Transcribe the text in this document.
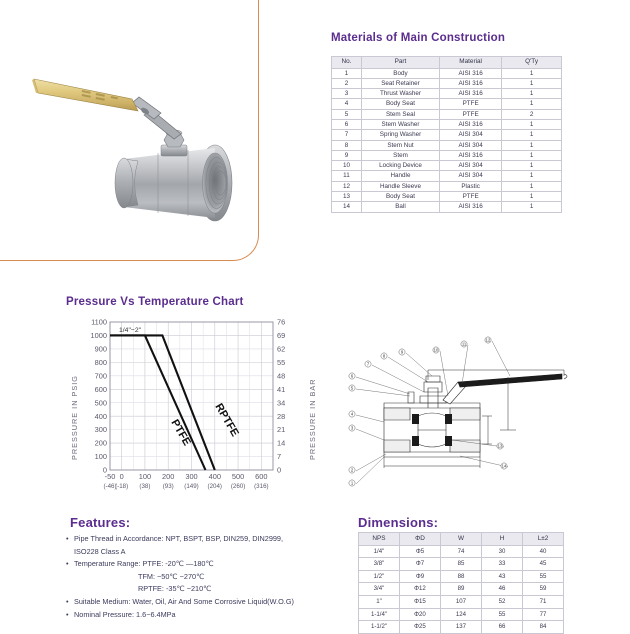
Materials of Main Construction
No.	Part	Material	Q'Ty
1	Body	AISI 316	1
2	Seat Retainer	AISI 316	1
3	Thrust Washer	AISI 316	1
4	Body Seat	PTFE	1
5	Stem Seal	PTFE	2
6	Stem Washer	AISI 316	1
7	Spring Washer	AISI 304	1
8	Stem Nut	AISI 304	1
9	Stem	AISI 316	1
10	Locking Device	AISI 304	1
11	Handle	AISI 304	1
12	Handle Sleeve	Plastic	1
13	Body Seat	PTFE	1
14	Ball	AISI 316	1
Pressure Vs Temperature Chart
0
100
200
300
400
500
600
700
800
900
1000
1100
0
7
14
21
28
34
41
48
55
62
69
76
-50
(-46)
0
(-18)
100
(38)
200
(93)
300
(149)
400
(204)
500
(260)
600
(316)
1/4"−2"
PRESSURE IN PSIG	PRESSURE IN BAR
PTFE RPTFE
1
2
3
4
5
6
7
8
9	10
11
12
13
14
Features:
• Pipe Thread in Accordance: NPT, BSPT, BSP, DIN259, DIN2999,
ISO228 Class A
• Temperature Range: PTFE: -20℃ —180℃
TFM: −50℃ −270℃
RPTFE: -35℃ −210℃
• Suitable Medium: Water, Oil, Air And Some Corrosive Liquid(W.O.G)
• Nominal Pressure: 1.6−6.4MPa
Dimensions:
NPS	ΦD	W	H	L±2
1/4"	Φ5	74	30	40
3/8"	Φ7	85	33	45
1/2"	Φ9	88	43	55
3/4"	Φ12	89	46	59
1"	Φ15	107	52	71
1-1/4"	Φ20	124	55	77
1-1/2"	Φ25	137	66	84
